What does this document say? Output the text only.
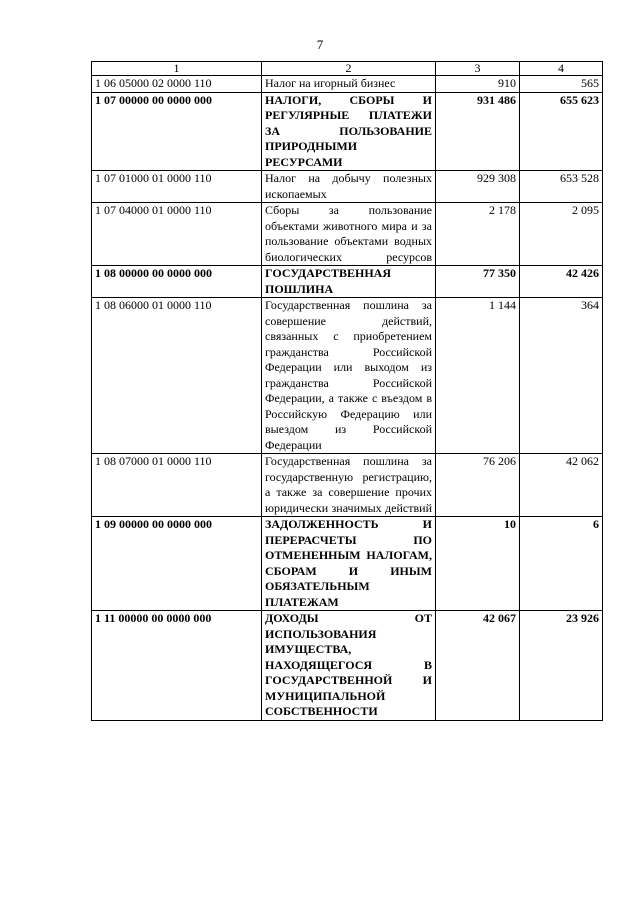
7
1	2	3	4
1 06 05000 02 0000 110	Налог на игорный бизнес	910	565
1 07 00000 00 0000 000	НАЛОГИ, СБОРЫ И РЕГУЛЯРНЫЕ ПЛАТЕЖИ ЗА ПОЛЬЗОВАНИЕ ПРИРОДНЫМИ РЕСУРСАМИ	931 486	655 623
1 07 01000 01 0000 110	Налог на добычу полезных ископаемых	929 308	653 528
1 07 04000 01 0000 110	Сборы за пользование объектами животного мира и за пользование объектами водных биологических ресурсов	2 178	2 095
1 08 00000 00 0000 000	ГОСУДАРСТВЕННАЯ ПОШЛИНА	77 350	42 426
1 08 06000 01 0000 110	Государственная пошлина за совершение действий, связанных с приобретением гражданства Российской Федерации или выходом из гражданства Российской Федерации, а также с въездом в Российскую Федерацию или выездом из Российской Федерации	1 144	364
1 08 07000 01 0000 110	Государственная пошлина за государственную регистрацию, а также за совершение прочих юридически значимых действий	76 206	42 062
1 09 00000 00 0000 000	ЗАДОЛЖЕННОСТЬ И ПЕРЕРАСЧЕТЫ ПО ОТМЕНЕННЫМ НАЛОГАМ, СБОРАМ И ИНЫМ ОБЯЗАТЕЛЬНЫМ ПЛАТЕЖАМ	10	6
1 11 00000 00 0000 000	ДОХОДЫ ОТ ИСПОЛЬЗОВАНИЯ ИМУЩЕСТВА, НАХОДЯЩЕГОСЯ В ГОСУДАРСТВЕННОЙ И МУНИЦИПАЛЬНОЙ СОБСТВЕННОСТИ	42 067	23 926
